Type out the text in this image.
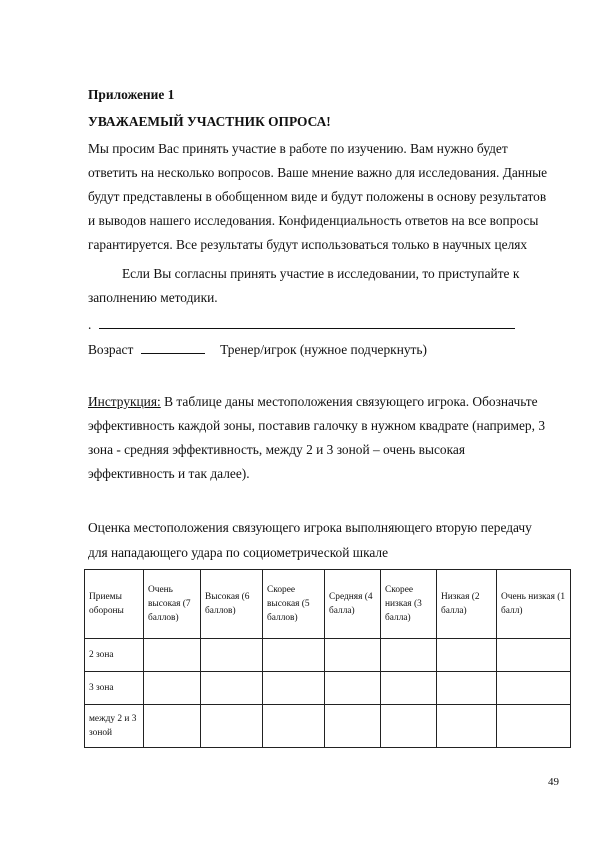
Приложение 1
УВАЖАЕМЫЙ УЧАСТНИК ОПРОСА!
Мы просим Вас принять участие в работе по изучению. Вам нужно будет
ответить на несколько вопросов. Ваше мнение важно для исследования. Данные
будут представлены в обобщенном виде и будут положены в основу результатов
и выводов нашего исследования. Конфиденциальность ответов на все вопросы
гарантируется. Все результаты будут использоваться только в научных целях
Если Вы согласны принять участие в исследовании, то приступайте к
заполнению методики.
.
Возраст	Тренер/игрок (нужное подчеркнуть)
Инструкция: В таблице даны местоположения связующего игрока. Обозначьте
эффективность каждой зоны, поставив галочку в нужном квадрате (например, 3
зона - средняя эффективность, между 2 и 3 зоной – очень высокая
эффективность и так далее).
Оценка местоположения связующего игрока выполняющего вторую передачу
для нападающего удара по социометрической шкале
Приемы обороны	Очень высокая (7 баллов)	Высокая (6 баллов)	Скорее высокая (5 баллов)	Средняя (4 балла)	Скорее низкая (3 балла)	Низкая (2 балла)	Очень низкая (1 балл)
2 зона							
3 зона							
между 2 и 3 зоной							
49
